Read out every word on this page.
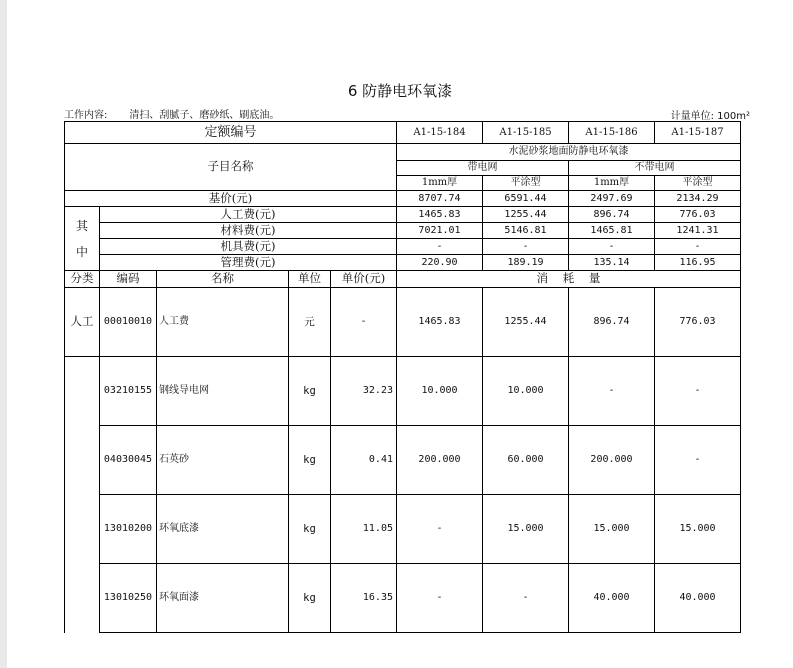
6 防静电环氧漆
工作内容: 清扫、刮腻子、磨砂纸、刷底油。	计量单位: 100m²
定额编号					A1-15-184	A1-15-185	A1-15-186	A1-15-187
子目名称					水泥砂浆地面防静电环氧漆			
					带电网		不带电网	
					1mm厚	平涂型	1mm厚	平涂型
基价(元)					8707.74	6591.44	2497.69	2134.29
其
中	人工费(元)				1465.83	1255.44	896.74	776.03
	材料费(元)				7021.01	5146.81	1465.81	1241.31
	机具费(元)				-	-	-	-
	管理费(元)				220.90	189.19	135.14	116.95
分类	编码	名称	单位	单价(元)	消 耗 量			
人工	00010010	人工费	元	-	1465.83	1255.44	896.74	776.03
	03210155	钢线导电网	kg	32.23	10.000	10.000	-	-
	04030045	石英砂	kg	0.41	200.000	60.000	200.000	-
	13010200	环氧底漆	kg	11.05	-	15.000	15.000	15.000
	13010250	环氧面漆	kg	16.35	-	-	40.000	40.000
